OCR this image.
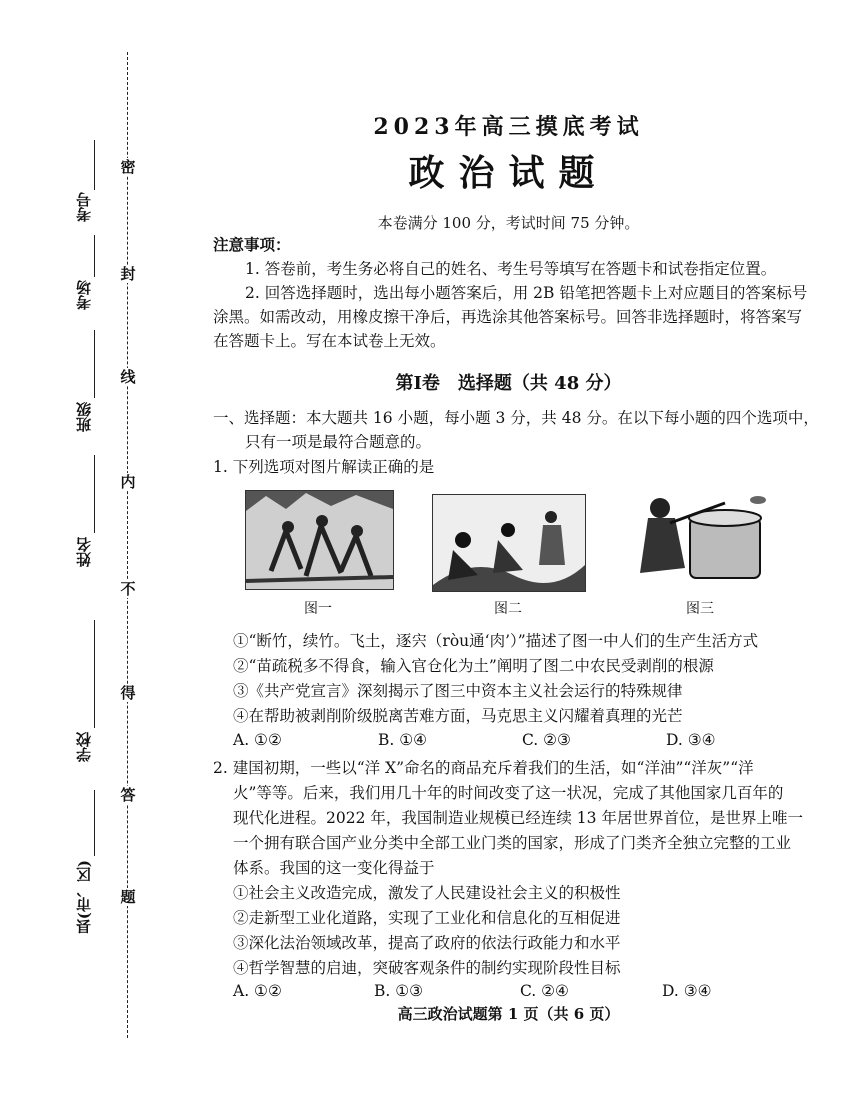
密
封
线
内
不
得
答
题
考号
考场
班级
姓名
学校
县(市、区)
2023年高三摸底考试
政治试题
本卷满分 100 分，考试时间 75 分钟。
注意事项：
1. 答卷前，考生务必将自己的姓名、考生号等填写在答题卡和试卷指定位置。
2. 回答选择题时，选出每小题答案后，用 2B 铅笔把答题卡上对应题目的答案标号
涂黑。如需改动，用橡皮擦干净后，再选涂其他答案标号。回答非选择题时，将答案写
在答题卡上。写在本试卷上无效。
第Ⅰ卷　选择题（共 48 分）
一、选择题：本大题共 16 小题，每小题 3 分，共 48 分。在以下每小题的四个选项中，
只有一项是最符合题意的。
1. 下列选项对图片解读正确的是
图一	图二	图三
①“断竹，续竹。飞土，逐宍（ròu通‘肉’）”描述了图一中人们的生产生活方式
②“苗疏税多不得食，输入官仓化为土”阐明了图二中农民受剥削的根源
③《共产党宣言》深刻揭示了图三中资本主义社会运行的特殊规律
④在帮助被剥削阶级脱离苦难方面，马克思主义闪耀着真理的光芒
A. ①②	B. ①④	C. ②③	D. ③④
2. 建国初期，一些以“洋 X”命名的商品充斥着我们的生活，如“洋油”“洋灰”“洋
火”等等。后来，我们用几十年的时间改变了这一状况，完成了其他国家几百年的
现代化进程。2022 年，我国制造业规模已经连续 13 年居世界首位，是世界上唯一
一个拥有联合国产业分类中全部工业门类的国家，形成了门类齐全独立完整的工业
体系。我国的这一变化得益于
①社会主义改造完成，激发了人民建设社会主义的积极性
②走新型工业化道路，实现了工业化和信息化的互相促进
③深化法治领域改革，提高了政府的依法行政能力和水平
④哲学智慧的启迪，突破客观条件的制约实现阶段性目标
A. ①②	B. ①③	C. ②④	D. ③④
高三政治试题第 1 页（共 6 页）
